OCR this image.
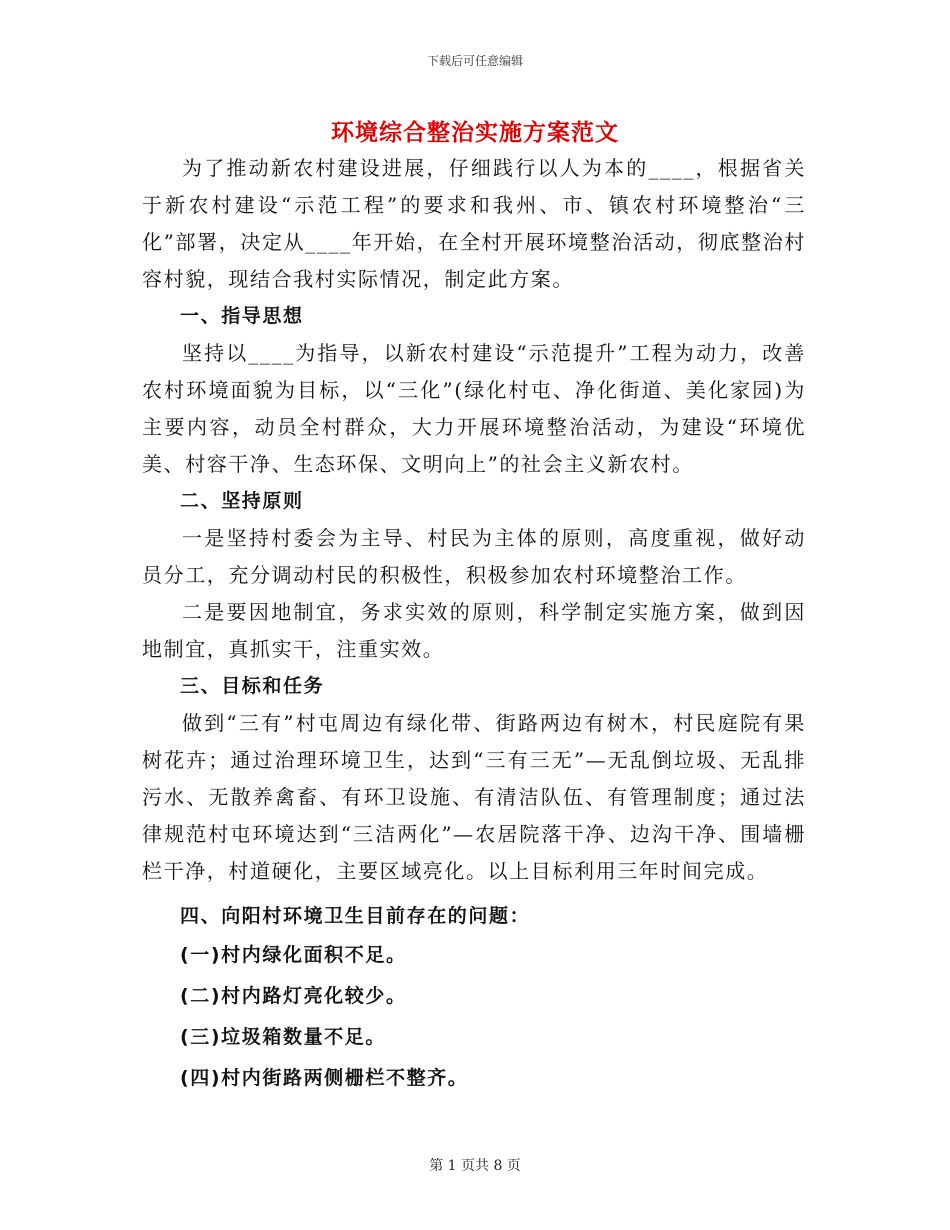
下载后可任意编辑
环境综合整治实施方案范文

为了推动新农村建设进展，仔细践行以人为本的____，根据省关于新农村建设“示范工程”的要求和我州、市、镇农村环境整治“三化”部署，决定从____年开始，在全村开展环境整治活动，彻底整治村容村貌，现结合我村实际情况，制定此方案。

一、指导思想

坚持以____为指导，以新农村建设“示范提升”工程为动力，改善农村环境面貌为目标，以“三化”(绿化村屯、净化街道、美化家园)为主要内容，动员全村群众，大力开展环境整治活动，为建设“环境优美、村容干净、生态环保、文明向上”的社会主义新农村。

二、坚持原则

一是坚持村委会为主导、村民为主体的原则，高度重视，做好动员分工，充分调动村民的积极性，积极参加农村环境整治工作。

二是要因地制宜，务求实效的原则，科学制定实施方案，做到因地制宜，真抓实干，注重实效。

三、目标和任务

做到“三有”村屯周边有绿化带、街路两边有树木，村民庭院有果树花卉；通过治理环境卫生，达到“三有三无”—无乱倒垃圾、无乱排污水、无散养禽畜、有环卫设施、有清洁队伍、有管理制度；通过法律规范村屯环境达到“三洁两化”—农居院落干净、边沟干净、围墙栅栏干净，村道硬化，主要区域亮化。以上目标利用三年时间完成。

四、向阳村环境卫生目前存在的问题：

(一)村内绿化面积不足。

(二)村内路灯亮化较少。

(三)垃圾箱数量不足。

(四)村内街路两侧栅栏不整齐。

第 1 页共 8 页
